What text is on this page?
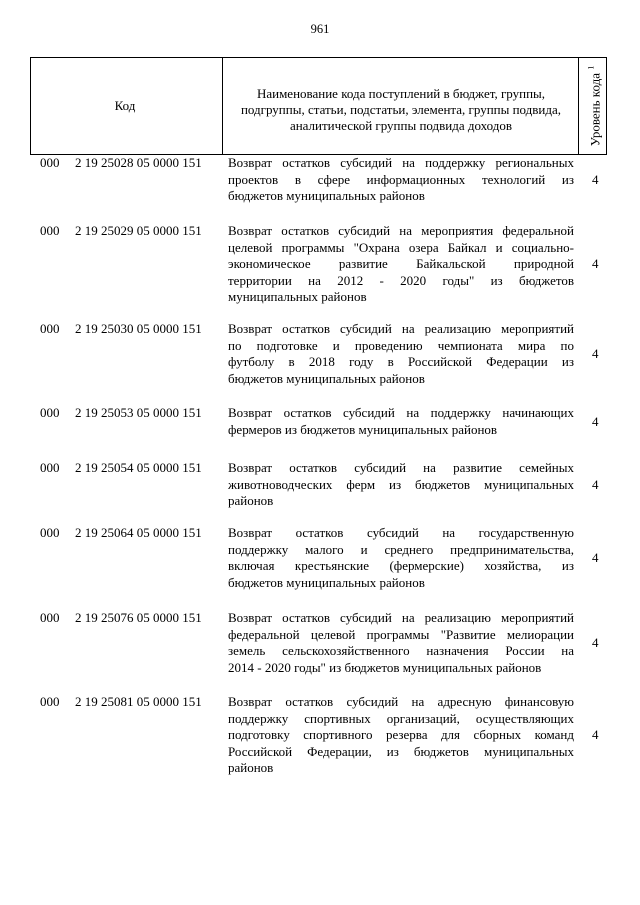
961
Код
Наименование кода поступлений в бюджет, группы, подгруппы, статьи, подстатьи, элемента, группы подвида, аналитической группы подвида доходов	Уровень кода $^1$
000 2 19 25028 05 0000 151 Возврат остатков субсидий на поддержку региональных
проектов в сфере информационных технологий из
бюджетов муниципальных районов
4
000 2 19 25029 05 0000 151 Возврат остатков субсидий на мероприятия федеральной
целевой программы "Охрана озера Байкал и социально-
экономическое развитие Байкальской природной
территории на 2012 - 2020 годы" из бюджетов
муниципальных районов
4
000 2 19 25030 05 0000 151 Возврат остатков субсидий на реализацию мероприятий
по подготовке и проведению чемпионата мира по
футболу в 2018 году в Российской Федерации из
бюджетов муниципальных районов
4
000 2 19 25053 05 0000 151 Возврат остатков субсидий на поддержку начинающих
фермеров из бюджетов муниципальных районов
4
000 2 19 25054 05 0000 151 Возврат остатков субсидий на развитие семейных
животноводческих ферм из бюджетов муниципальных
районов
4
000 2 19 25064 05 0000 151 Возврат остатков субсидий на государственную
поддержку малого и среднего предпринимательства,
включая крестьянские (фермерские) хозяйства, из
бюджетов муниципальных районов
4
000 2 19 25076 05 0000 151 Возврат остатков субсидий на реализацию мероприятий
федеральной целевой программы "Развитие мелиорации
земель сельскохозяйственного назначения России на
2014 - 2020 годы" из бюджетов муниципальных районов
4
000 2 19 25081 05 0000 151 Возврат остатков субсидий на адресную финансовую
поддержку спортивных организаций, осуществляющих
подготовку спортивного резерва для сборных команд
Российской Федерации, из бюджетов муниципальных
районов
4
